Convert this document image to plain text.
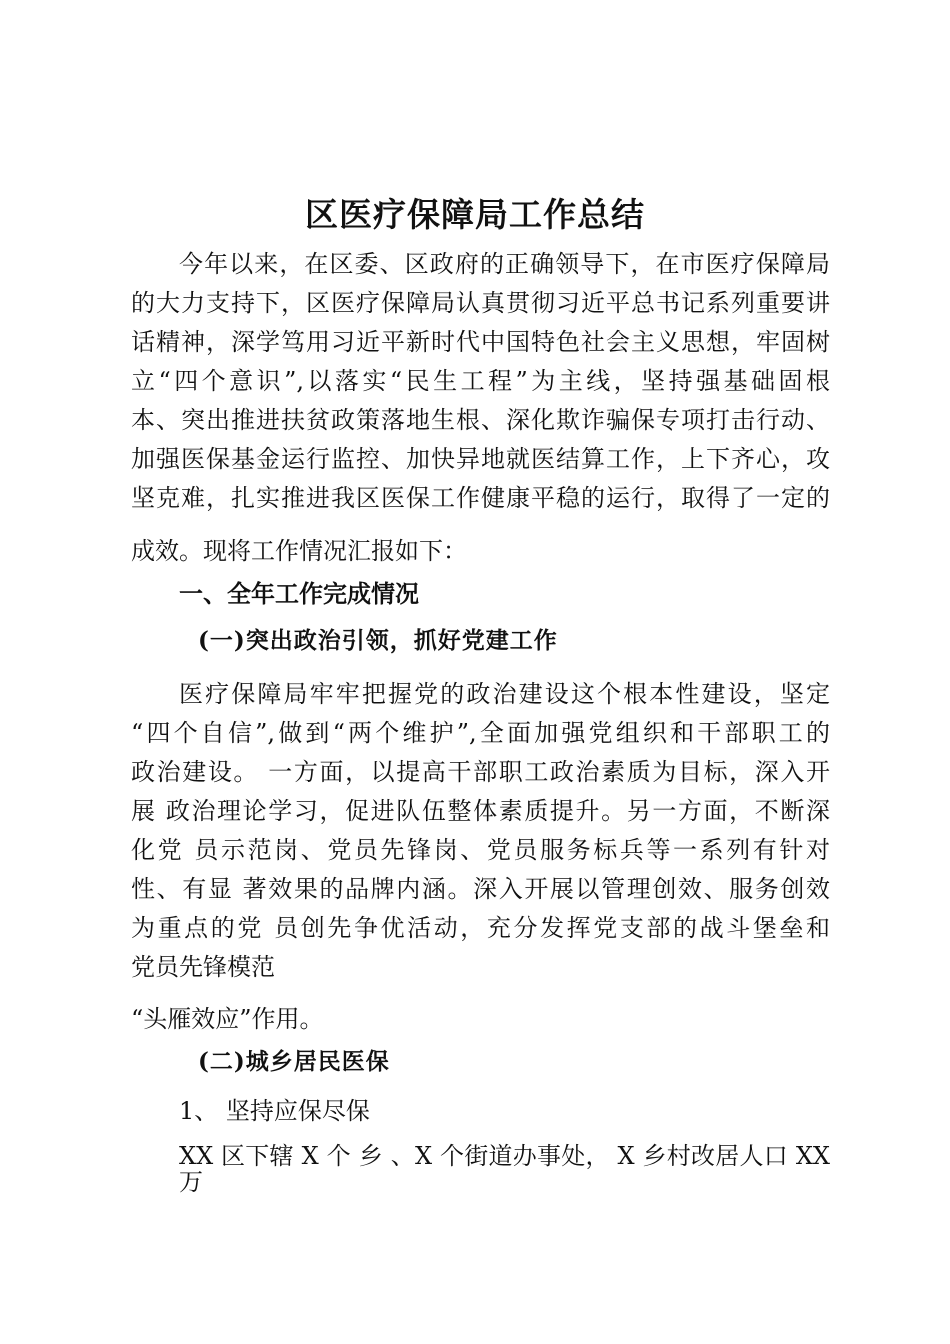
区医疗保障局工作总结
今年以来，在区委、区政府的正确领导下，在市医疗保障局
的大力支持下，区医疗保障局认真贯彻习近平总书记系列重要讲
话精神，深学笃用习近平新时代中国特色社会主义思想，牢固树
立“四个意识”,以落实“民生工程”为主线，坚持强基础固根
本、突出推进扶贫政策落地生根、深化欺诈骗保专项打击行动、
加强医保基金运行监控、加快异地就医结算工作，上下齐心，攻
坚克难，扎实推进我区医保工作健康平稳的运行，取得了一定的
成效。现将工作情况汇报如下：
一、全年工作完成情况
(一)突出政治引领，抓好党建工作
医疗保障局牢牢把握党的政治建设这个根本性建设，坚定
“四个自信”,做到“两个维护”,全面加强党组织和干部职工的
政治建设。 一方面，以提高干部职工政治素质为目标，深入开
展 政治理论学习，促进队伍整体素质提升。另一方面，不断深
化党 员示范岗、党员先锋岗、党员服务标兵等一系列有针对
性、有显 著效果的品牌内涵。深入开展以管理创效、服务创效
为重点的党 员创先争优活动，充分发挥党支部的战斗堡垒和
党员先锋模范
“头雁效应”作用。
(二)城乡居民医保
1、 坚持应保尽保
XX 区下辖 X 个 乡 、X 个街道办事处， X 乡村改居人口 XX
万
